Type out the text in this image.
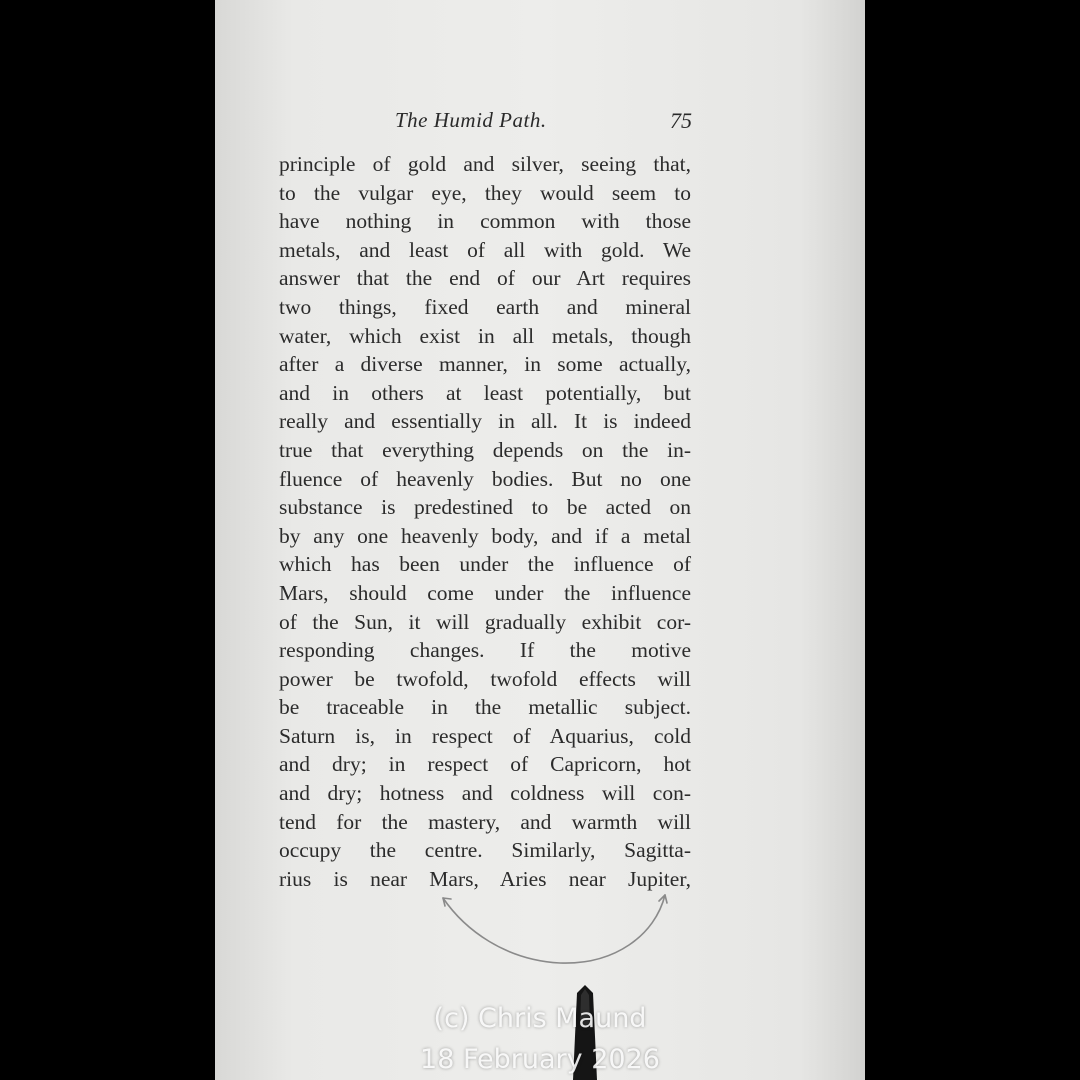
The Humid Path.	75
principle of gold and silver, seeing that,
to the vulgar eye, they would seem to
have nothing in common with those
metals, and least of all with gold. We
answer that the end of our Art requires
two things, fixed earth and mineral
water, which exist in all metals, though
after a diverse manner, in some actually,
and in others at least potentially, but
really and essentially in all. It is indeed
true that everything depends on the in-
fluence of heavenly bodies. But no one
substance is predestined to be acted on
by any one heavenly body, and if a metal
which has been under the influence of
Mars, should come under the influence
of the Sun, it will gradually exhibit cor-
responding changes. If the motive
power be twofold, twofold effects will
be traceable in the metallic subject.
Saturn is, in respect of Aquarius, cold
and dry; in respect of Capricorn, hot
and dry; hotness and coldness will con-
tend for the mastery, and warmth will
occupy the centre. Similarly, Sagitta-
rius is near Mars, Aries near Jupiter,
(c) Chris Maund
18 February 2026
